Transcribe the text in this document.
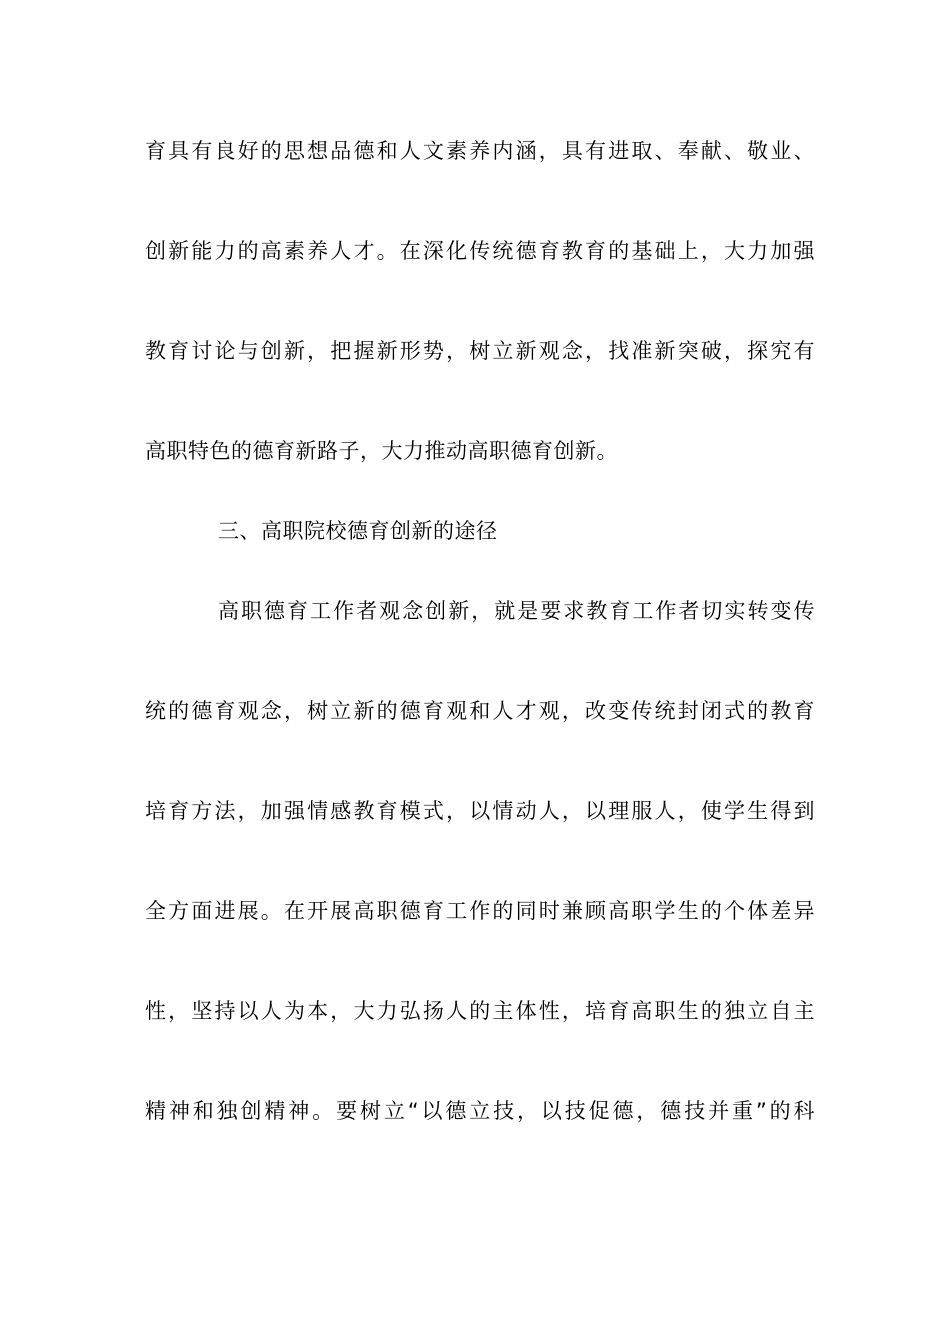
育具有良好的思想品德和人文素养内涵，具有进取、奉献、敬业、
创新能力的高素养人才。在深化传统德育教育的基础上，大力加强
教育讨论与创新，把握新形势，树立新观念，找准新突破，探究有
高职特色的德育新路子，大力推动高职德育创新。
三、高职院校德育创新的途径
高职德育工作者观念创新，就是要求教育工作者切实转变传
统的德育观念，树立新的德育观和人才观，改变传统封闭式的教育
培育方法，加强情感教育模式，以情动人，以理服人，使学生得到
全方面进展。在开展高职德育工作的同时兼顾高职学生的个体差异
性，坚持以人为本，大力弘扬人的主体性，培育高职生的独立自主
精神和独创精神。要树立“以德立技，以技促德，德技并重”的科
